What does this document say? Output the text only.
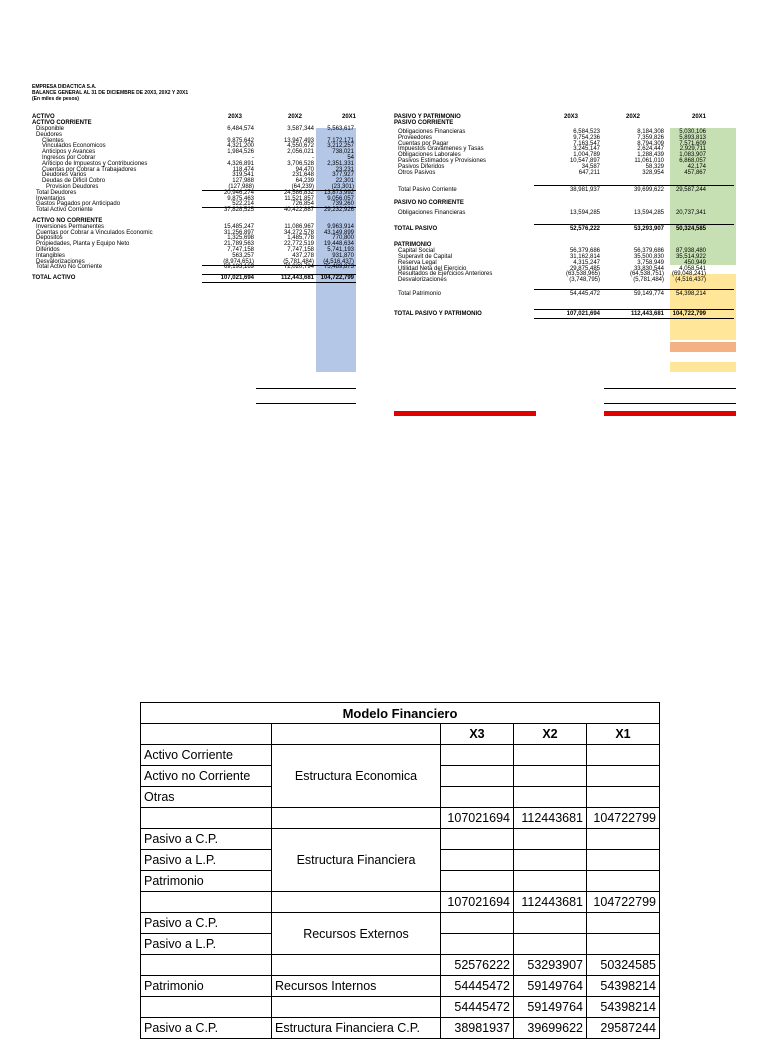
EMPRESA DIDACTICA S.A.
BALANCE GENERAL AL 31 DE DICIEMBRE DE 20X3, 20X2 Y 20X1
(En miles de pesos)
ACTIVO
ACTIVO CORRIENTE
20X3	20X2	20X1
Disponible	6,484,574	3,587,344	5,563,617
Deudores
Clientes	9,875,642	13,947,493	7,172,171
Vinculados Economicos	4,321,200	4,550,672	3,212,257
Anticipos y Avances	1,984,526	2,056,021	738,021
Ingresos por Cobrar	-	-	54
Anticipo de Impuestos y Contribuciones	4,326,891	3,706,528	2,351,331
Cuentas por Cobrar a Trabajadores	118,474	94,470	23,231
Deudores Varios	319,541	231,648	377,927
Deudas de Dificil Cobro	127,988	64,239	22,301
Provision Deudores	(127,988)	(64,239)	(23,301)
Total Deudores	20,946,274	24,586,832	13,873,992
Inventarios	9,875,463	11,521,857	9,056,057
Gastos Pagados por Anticipado	522,214	726,854	739,260
Total Activo Corriente	37,828,525	40,422,887	29,232,926
ACTIVO NO CORRIENTE
Inversiones Permanentes	15,485,247	11,086,967	9,963,914
Cuentas por Cobrar a Vinculados Economic	31,256,897	34,272,578	43,149,899
Depositos	1,325,698	1,485,778	770,800
Propiedades, Planta y Equipo Neto	21,789,563	22,772,519	19,448,634
Diferidos	7,747,158	7,747,158	5,741,193
Intangibles	563,257	437,278	931,870
Desvalorizaciones	(8,974,651)	(5,781,484)	(4,516,437)
Total Activo No Corriente	69,193,169	72,020,794	75,489,873
TOTAL ACTIVO	107,021,694	112,443,681	104,722,799
PASIVO Y PATRIMONIO
PASIVO CORRIENTE
20X3	20X2	20X1
Obligaciones Financieras	6,584,523	8,184,308	5,030,106
Proveedores	9,754,236	7,359,826	5,893,813
Cuentas por Pagar	7,163,547	8,794,309	7,571,609
Impuestos Gravamenes y Tasas	3,245,147	2,624,447	2,929,711
Obligaciones Laborales	1,004,789	1,288,439	1,083,907
Pasivos Estimados y Provisiones	10,547,897	11,061,010	6,868,057
Pasivos Diferidos	34,587	58,329	42,174
Otros Pasivos	647,211	328,954	457,867
Total Pasivo Corriente	38,981,937	39,699,622	29,587,244
PASIVO NO CORRIENTE
Obligaciones Financieras	13,594,285	13,594,285	20,737,341
TOTAL PASIVO	52,576,222	53,293,907	50,324,585
PATRIMONIO
Capital Social	56,379,686	56,379,686	87,938,480
Superavit de Capital	31,162,814	35,500,830	35,514,922
Reserva Legal	4,315,247	3,758,949	450,949
Utilidad Neta del Ejercicio	29,875,485	33,830,544	4,058,541
Resultados de Ejercicios Anteriores	(63,538,965)	(64,538,751)	(69,048,241)
Desvalorizaciones	(3,748,795)	(5,781,484)	(4,516,437)
Total Patrimonio	54,445,472	59,149,774	54,398,214
TOTAL PASIVO Y PATRIMONIO	107,021,694	112,443,681	104,722,799
Modelo Financiero				
		X3	X2	X1
Activo Corriente	Estructura Economica			
Activo no Corriente				
Otras				
		107021694	112443681	104722799
Pasivo a C.P.	Estructura Financiera			
Pasivo a L.P.				
Patrimonio				
		107021694	112443681	104722799
Pasivo a C.P.	Recursos Externos			
Pasivo a L.P.				
		52576222	53293907	50324585
Patrimonio	Recursos Internos	54445472	59149764	54398214
		54445472	59149764	54398214
Pasivo a C.P.	Estructura Financiera C.P.	38981937	39699622	29587244
